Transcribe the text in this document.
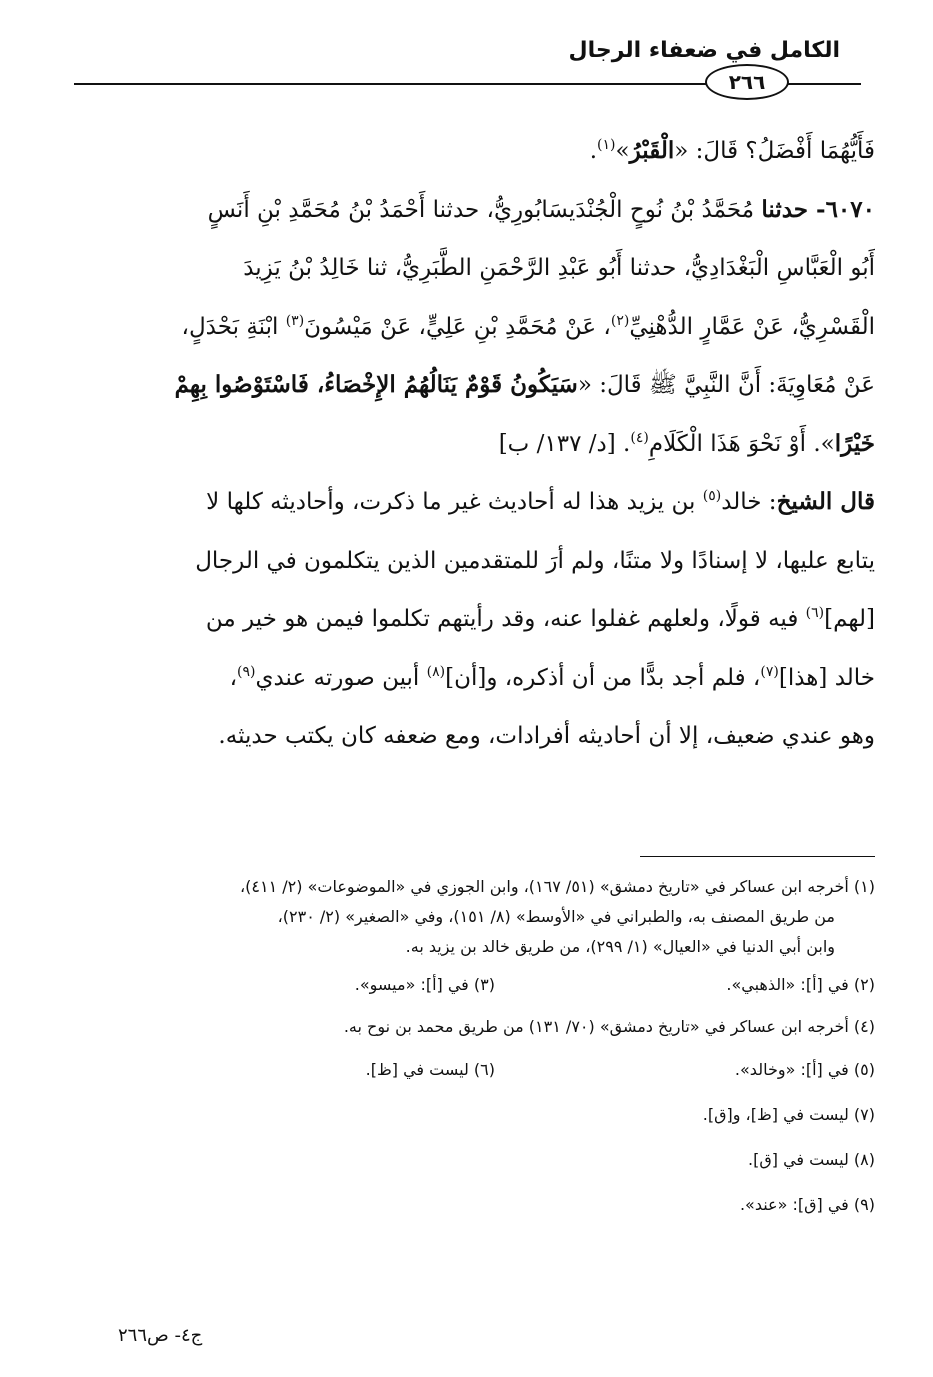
الكامل في ضعفاء الرجال
٢٦٦
فَأَيُّهُمَا أَفْضَلُ؟ قَالَ: «الْقَبْرُ»$^{(١)}$.
٦٠٧٠- حدثنا مُحَمَّدُ بْنُ نُوحٍ الْجُنْدَيسَابُورِيُّ، حدثنا أَحْمَدُ بْنُ مُحَمَّدِ بْنِ أَنَسٍ
أَبُو الْعَبَّاسِ الْبَغْدَادِيُّ، حدثنا أَبُو عَبْدِ الرَّحْمَنِ الطَّبَرِيُّ، ثنا خَالِدُ بْنُ يَزِيدَ
الْقَسْرِيُّ، عَنْ عَمَّارٍ الدُّهْنِيِّ$^{(٢)}$، عَنْ مُحَمَّدِ بْنِ عَلِيٍّ، عَنْ مَيْسُونَ$^{(٣)}$ ابْنَةِ بَحْدَلٍ،
عَنْ مُعَاوِيَةَ: أَنَّ النَّبِيَّ ﷺ قَالَ: «سَيَكُونُ قَوْمٌ يَنَالُهُمُ الإِخْصَاءُ، فَاسْتَوْصُوا بِهِمْ
خَيْرًا». أَوْ نَحْوَ هَذَا الْكَلَامِ$^{(٤)}$. [د/ ١٣٧/ ب]
قال الشيخ: خالد$^{(٥)}$ بن يزيد هذا له أحاديث غير ما ذكرت، وأحاديثه كلها لا
يتابع عليها، لا إسنادًا ولا متنًا، ولم أرَ للمتقدمين الذين يتكلمون في الرجال
[لهم]$^{(٦)}$ فيه قولًا، ولعلهم غفلوا عنه، وقد رأيتهم تكلموا فيمن هو خير من
خالد [هذا]$^{(٧)}$، فلم أجد بدًّا من أن أذكره، و[أن]$^{(٨)}$ أبين صورته عندي$^{(٩)}$،
وهو عندي ضعيف، إلا أن أحاديثه أفرادات، ومع ضعفه كان يكتب حديثه.
(١) أخرجه ابن عساكر في «تاريخ دمشق» (٥١/ ١٦٧)، وابن الجوزي في «الموضوعات» (٢/ ٤١١)،
من طريق المصنف به، والطبراني في «الأوسط» (٨/ ١٥١)، وفي «الصغير» (٢/ ٢٣٠)،
وابن أبي الدنيا في «العيال» (١/ ٢٩٩)، من طريق خالد بن يزيد به.
(٢) في [أ]: «الذهبي».
(٣) في [أ]: «ميسو».
(٤) أخرجه ابن عساكر في «تاريخ دمشق» (٧٠/ ١٣١) من طريق محمد بن نوح به.
(٥) في [أ]: «وخالد».
(٦) ليست في [ظ].
(٧) ليست في [ظ]، و[ق].
(٨) ليست في [ق].
(٩) في [ق]: «عند».
ج٤- ص٢٦٦
